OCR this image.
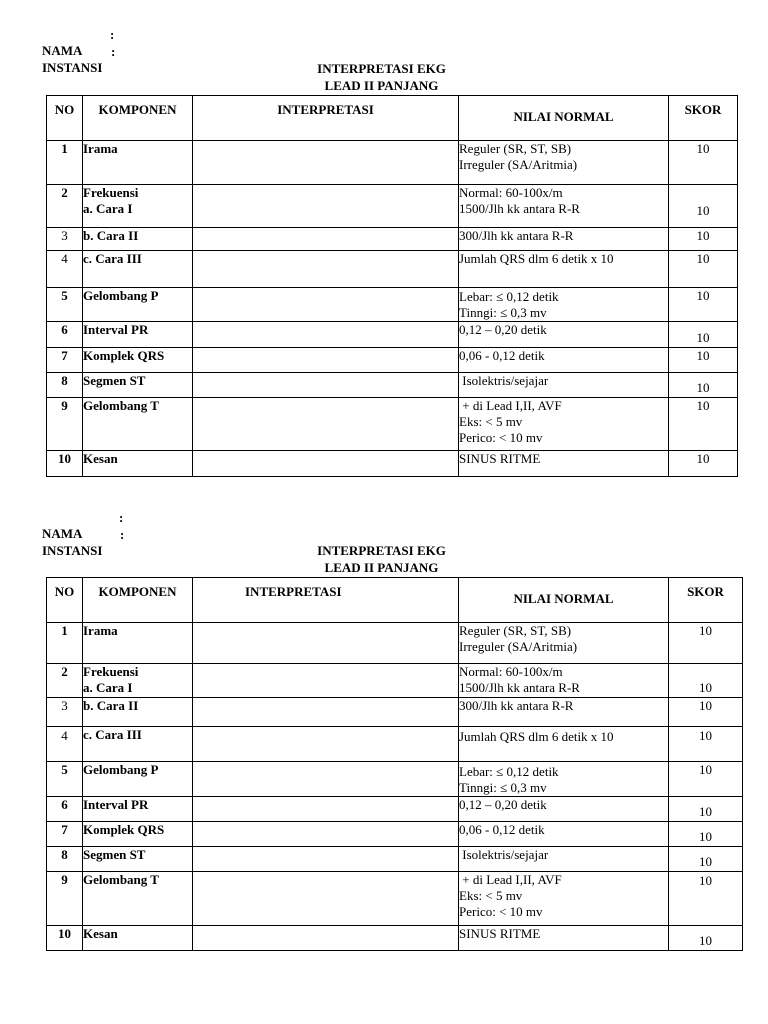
NAMA

:

INSTANSI

:

INTERPRETASI EKG
LEAD II PANJANG
NO	KOMPONEN	INTERPRETASI	NILAI NORMAL	SKOR
1	Irama		Reguler (SR, ST, SB)
Irreguler (SA/Aritmia)	10
2	Frekuensi
a. Cara I		Normal: 60-100x/m
1500/Jlh kk antara R-R	10
3	b. Cara II		300/Jlh kk antara R-R	10
4	c. Cara III		Jumlah QRS dlm 6 detik x 10	10
5	Gelombang P		Lebar: ≤ 0,12 detik
Tinngi: ≤ 0,3 mv	10
6	Interval PR		0,12 – 0,20 detik	10
7	Komplek QRS		0,06 - 0,12 detik	10
8	Segmen ST		Isolektris/sejajar	10
9	Gelombang T		+ di Lead I,II, AVF
Eks: < 5 mv
Perico: < 10 mv	10
10	Kesan		SINUS RITME	10

NAMA

:

INSTANSI

:

INTERPRETASI EKG
LEAD II PANJANG
NO	KOMPONEN	INTERPRETASI	NILAI NORMAL	SKOR
1	Irama		Reguler (SR, ST, SB)
Irreguler (SA/Aritmia)	10
2	Frekuensi
a. Cara I		Normal: 60-100x/m
1500/Jlh kk antara R-R	10
3	b. Cara II		300/Jlh kk antara R-R	10
4	c. Cara III		Jumlah QRS dlm 6 detik x 10	10
5	Gelombang P		Lebar: ≤ 0,12 detik
Tinngi: ≤ 0,3 mv	10
6	Interval PR		0,12 – 0,20 detik	10
7	Komplek QRS		0,06 - 0,12 detik	10
8	Segmen ST		Isolektris/sejajar	10
9	Gelombang T		+ di Lead I,II, AVF
Eks: < 5 mv
Perico: < 10 mv	10
10	Kesan		SINUS RITME	10
